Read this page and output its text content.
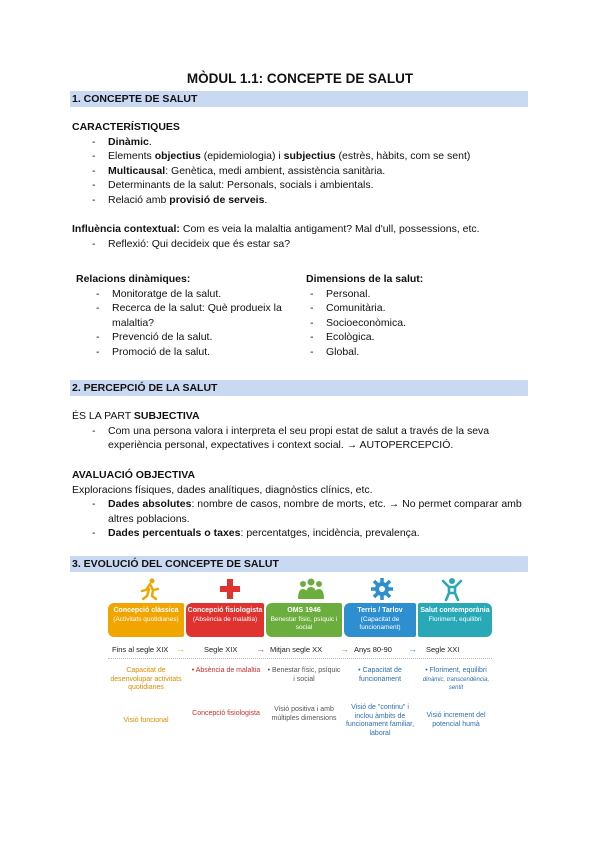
MÒDUL 1.1: CONCEPTE DE SALUT
1. CONCEPTE DE SALUT
CARACTERÍSTIQUES
- Dinàmic.
- Elements objectius (epidemiologia) i subjectius (estrès, hàbits, com se sent)
- Multicausal: Genètica, medi ambient, assistència sanitària.
- Determinants de la salut: Personals, socials i ambientals.
- Relació amb provisió de serveis.
Influència contextual: Com es veia la malaltia antigament? Mal d'ull, possessions, etc.
- Reflexió: Qui decideix que és estar sa?
Relacions dinàmiques:
- Monitoratge de la salut.
- Recerca de la salut: Què produeix la malaltia?
- Prevenció de la salut.
- Promoció de la salut.
Dimensions de la salut:
- Personal.
- Comunitària.
- Socioeconòmica.
- Ecològica.
- Global.
2. PERCEPCIÓ DE LA SALUT
ÉS LA PART SUBJECTIVA
- Com una persona valora i interpreta el seu propi estat de salut a través de la seva experiència personal, expectatives i context social. → AUTOPERCEPCIÓ.
AVALUACIÓ OBJECTIVA
Exploracions físiques, dades analítiques, diagnòstics clínics, etc.
- Dades absolutes: nombre de casos, nombre de morts, etc. → No permet comparar amb altres poblacions.
- Dades percentuals o taxes: percentatges, incidència, prevalença.
3. EVOLUCIÓ DEL CONCEPTE DE SALUT
Concepció clàssica
(Activitats quotidianes)
Concepció fisiologista
(Absència de malaltia)
OMS 1946
Benestar físic, psíquic i social
Terris / Tarlov
(Capacitat de funcionament)
Salut contemporània
Floriment, equilibri
Fins al segle XIX →	Segle XIX → Mitjan segle XX → Anys 80-90 → Segle XXI
Capacitat de desenvolupar activitats quotidianes
• Absència de malaltia	• Benestar físic, psíquic i social
• Capacitat de funcionament
• Floriment, equilibri
dinàmic, transcendència, sentit
Visió funcional
Concepció fisiologista
Visió positiva i amb múltiples dimensions
Visió de "continu" i inclou àmbits de funcionament familiar, laboral
Visió increment del potencial humà
